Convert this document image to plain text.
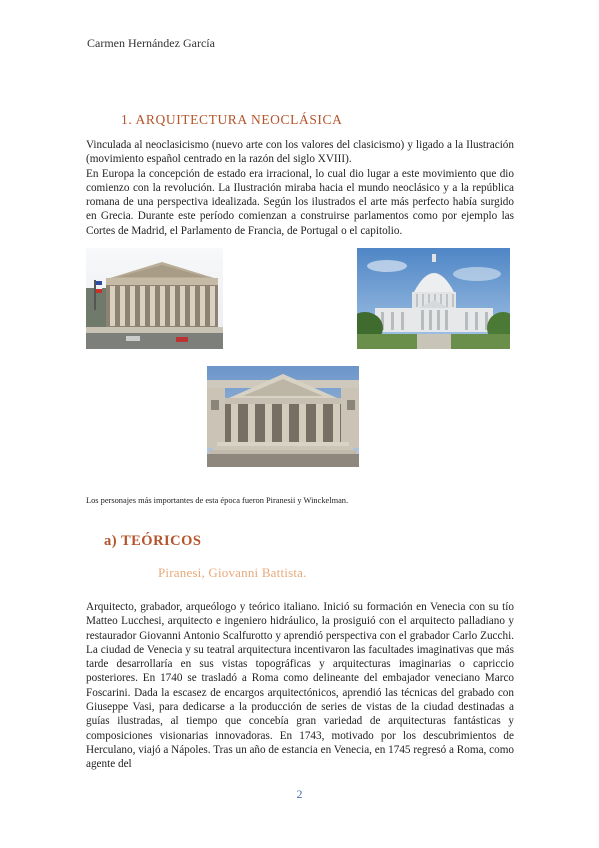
Carmen Hernández García
1. ARQUITECTURA NEOCLÁSICA

Vinculada al neoclasicismo (nuevo arte con los valores del clasicismo) y ligado a la Ilustración (movimiento español centrado en la razón del siglo XVIII).

En Europa la concepción de estado era irracional, lo cual dio lugar a este movimiento que dio comienzo con la revolución. La Ilustración miraba hacia el mundo neoclásico y a la república romana de una perspectiva idealizada. Según los ilustrados el arte más perfecto había surgido en Grecia. Durante este período comienzan a construirse parlamentos como por ejemplo las Cortes de Madrid, el Parlamento de Francia, de Portugal o el capitolio.

Los personajes más importantes de esta época fueron Piranesii y Winckelman.
a) TEÓRICOS
Piranesi, Giovanni Battista.

Arquitecto, grabador, arqueólogo y teórico italiano. Inició su formación en Venecia con su tío Matteo Lucchesi, arquitecto e ingeniero hidráulico, la prosiguió con el arquitecto palladiano y restaurador Giovanni Antonio Scalfurotto y aprendió perspectiva con el grabador Carlo Zucchi. La ciudad de Venecia y su teatral arquitectura incentivaron las facultades imaginativas que más tarde desarrollaría en sus vistas topográficas y arquitecturas imaginarias o capriccio posteriores. En 1740 se trasladó a Roma como delineante del embajador veneciano Marco Foscarini. Dada la escasez de encargos arquitectónicos, aprendió las técnicas del grabado con Giuseppe Vasi, para dedicarse a la producción de series de vistas de la ciudad destinadas a guías ilustradas, al tiempo que concebía gran variedad de arquitecturas fantásticas y composiciones visionarias innovadoras. En 1743, motivado por los descubrimientos de Herculano, viajó a Nápoles. Tras un año de estancia en Venecia, en 1745 regresó a Roma, como agente del

2
